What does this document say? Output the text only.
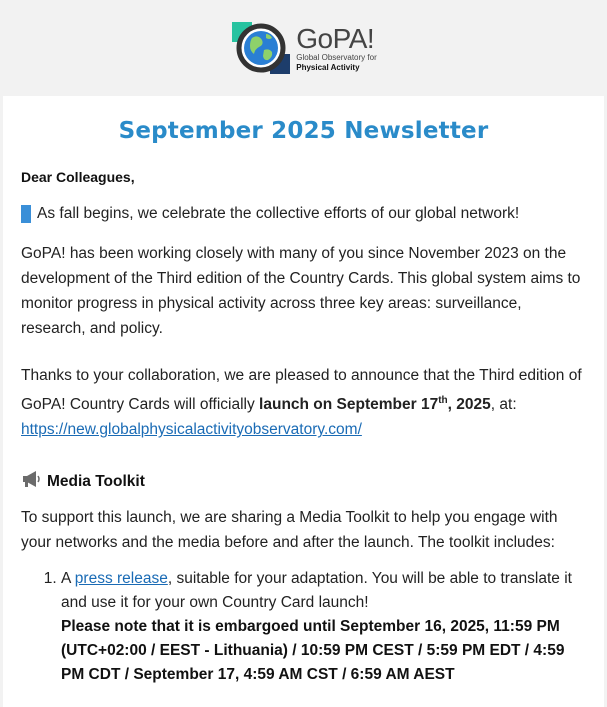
GoPA!
Global Observatory for
Physical Activity
September 2025 Newsletter
Dear Colleagues,

As fall begins, we celebrate the collective efforts of our global network!

GoPA! has been working closely with many of you since November 2023 on the development of the Third edition of the Country Cards. This global system aims to monitor progress in physical activity across three key areas: surveillance, research, and policy.

Thanks to your collaboration, we are pleased to announce that the Third edition of GoPA! Country Cards will officially launch on September 17th, 2025, at:
https://new.globalphysicalactivityobservatory.com/

Media Toolkit

To support this launch, we are sharing a Media Toolkit to help you engage with your networks and the media before and after the launch. The toolkit includes:

1. A press release, suitable for your adaptation. You will be able to translate it and use it for your own Country Card launch!
Please note that it is embargoed until September 16, 2025, 11:59 PM (UTC+02:00 / EEST - Lithuania) / 10:59 PM CEST / 5:59 PM EDT / 4:59 PM CDT / September 17, 4:59 AM CST / 6:59 AM AEST
